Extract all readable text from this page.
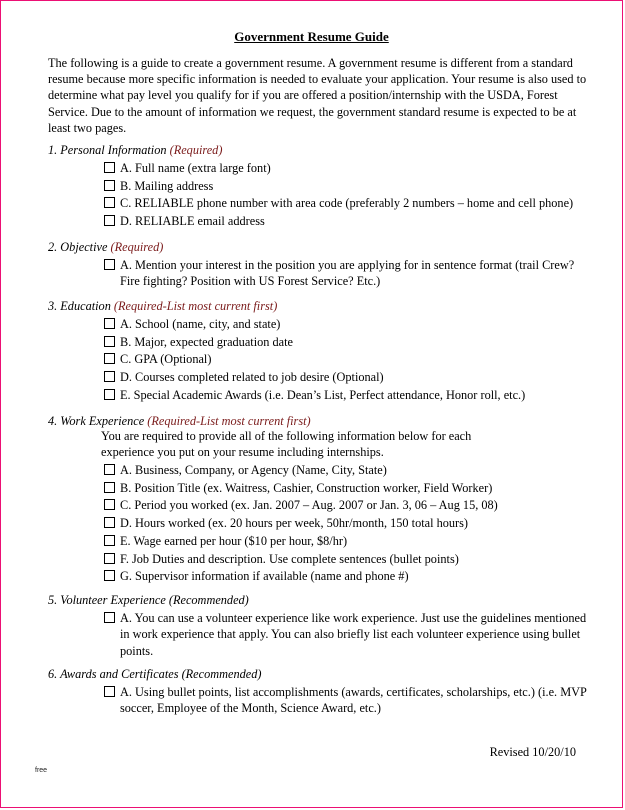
Government Resume Guide

The following is a guide to create a government resume. A government resume is different from a standard resume because more specific information is needed to evaluate your application. Your resume is also used to determine what pay level you qualify for if you are offered a position/internship with the USDA, Forest Service. Due to the amount of information we request, the government standard resume is expected to be at least two pages.

1. Personal Information (Required)

A. Full name (extra large font)
B. Mailing address
C. RELIABLE phone number with area code (preferably 2 numbers – home and cell phone)
D. RELIABLE email address

2. Objective (Required)

A. Mention your interest in the position you are applying for in sentence format (trail Crew? Fire fighting? Position with US Forest Service? Etc.)

3. Education (Required-List most current first)

A. School (name, city, and state)
B. Major, expected graduation date
C. GPA (Optional)
D. Courses completed related to job desire (Optional)
E. Special Academic Awards (i.e. Dean’s List, Perfect attendance, Honor roll, etc.)

4. Work Experience (Required-List most current first)

You are required to provide all of the following information below for each experience you put on your resume including internships.

A. Business, Company, or Agency (Name, City, State)
B. Position Title (ex. Waitress, Cashier, Construction worker, Field Worker)
C. Period you worked (ex. Jan. 2007 – Aug. 2007 or Jan. 3, 06 – Aug 15, 08)
D. Hours worked (ex. 20 hours per week, 50hr/month, 150 total hours)
E. Wage earned per hour ($10 per hour, $8/hr)
F. Job Duties and description. Use complete sentences (bullet points)
G. Supervisor information if available (name and phone #)

5. Volunteer Experience (Recommended)

A. You can use a volunteer experience like work experience. Just use the guidelines mentioned in work experience that apply. You can also briefly list each volunteer experience using bullet points.

6. Awards and Certificates (Recommended)

A. Using bullet points, list accomplishments (awards, certificates, scholarships, etc.) (i.e. MVP soccer, Employee of the Month, Science Award, etc.)
Revised 10/20/10
free
